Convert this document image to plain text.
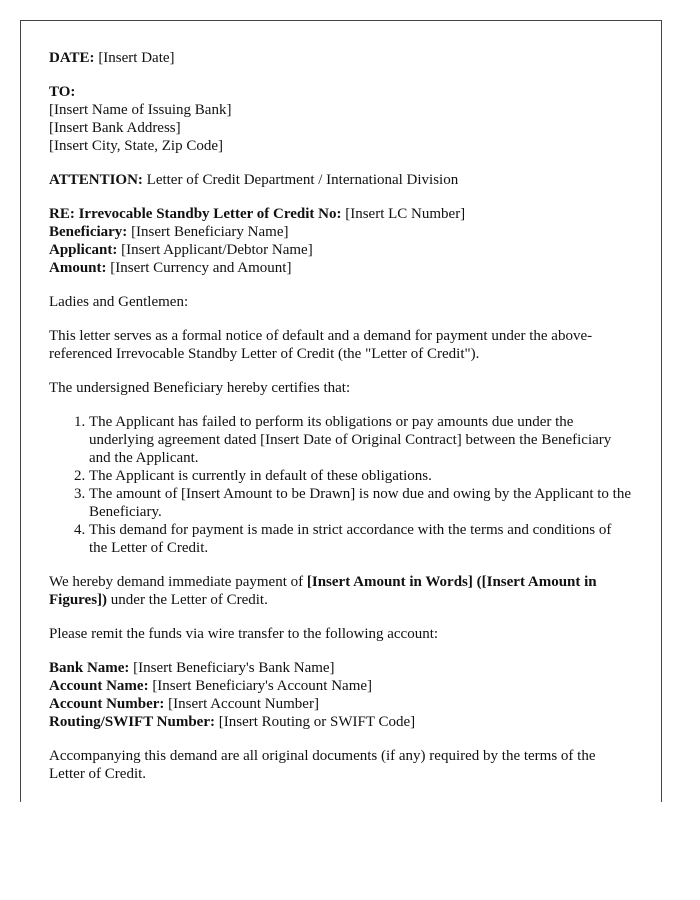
DATE: [Insert Date]

TO:
[Insert Name of Issuing Bank]
[Insert Bank Address]
[Insert City, State, Zip Code]

ATTENTION: Letter of Credit Department / International Division

RE: Irrevocable Standby Letter of Credit No: [Insert LC Number]
Beneficiary: [Insert Beneficiary Name]
Applicant: [Insert Applicant/Debtor Name]
Amount: [Insert Currency and Amount]

Ladies and Gentlemen:

This letter serves as a formal notice of default and a demand for payment under the above-referenced Irrevocable Standby Letter of Credit (the "Letter of Credit").

The undersigned Beneficiary hereby certifies that:

1. The Applicant has failed to perform its obligations or pay amounts due under the underlying agreement dated [Insert Date of Original Contract] between the Beneficiary and the Applicant.
2. The Applicant is currently in default of these obligations.
3. The amount of [Insert Amount to be Drawn] is now due and owing by the Applicant to the Beneficiary.
4. This demand for payment is made in strict accordance with the terms and conditions of the Letter of Credit.

We hereby demand immediate payment of [Insert Amount in Words] ([Insert Amount in Figures]) under the Letter of Credit.

Please remit the funds via wire transfer to the following account:

Bank Name: [Insert Beneficiary's Bank Name]
Account Name: [Insert Beneficiary's Account Name]
Account Number: [Insert Account Number]
Routing/SWIFT Number: [Insert Routing or SWIFT Code]

Accompanying this demand are all original documents (if any) required by the terms of the Letter of Credit.
